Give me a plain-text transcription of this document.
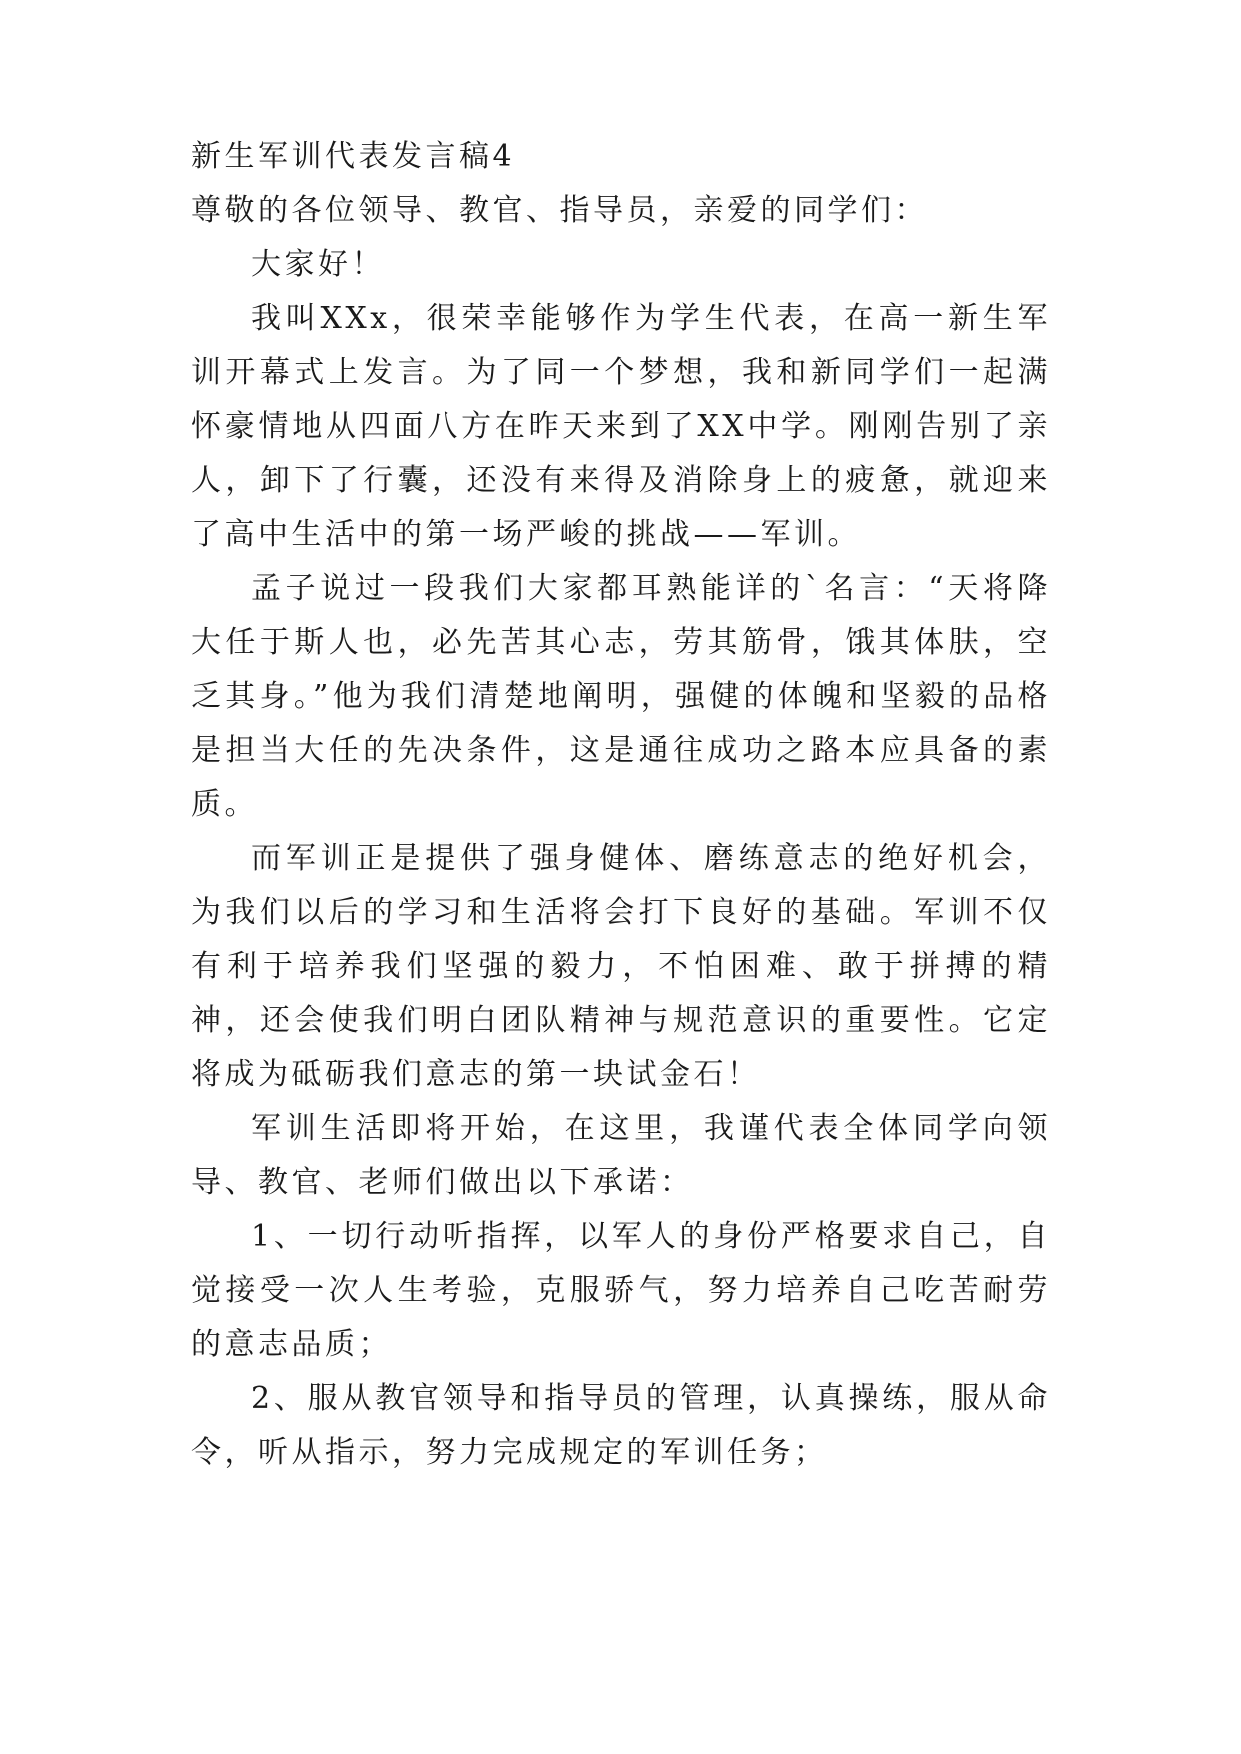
新生军训代表发言稿4
尊敬的各位领导、教官、指导员，亲爱的同学们：

大家好！

我叫XXx，很荣幸能够作为学生代表，在高一新生军训开幕式上发言。为了同一个梦想，我和新同学们一起满怀豪情地从四面八方在昨天来到了XX中学。刚刚告别了亲人，卸下了行囊，还没有来得及消除身上的疲惫，就迎来了高中生活中的第一场严峻的挑战——军训。

孟子说过一段我们大家都耳熟能详的`名言：“天将降大任于斯人也，必先苦其心志，劳其筋骨，饿其体肤，空乏其身。”他为我们清楚地阐明，强健的体魄和坚毅的品格是担当大任的先决条件，这是通往成功之路本应具备的素质。

而军训正是提供了强身健体、磨练意志的绝好机会，为我们以后的学习和生活将会打下良好的基础。军训不仅有利于培养我们坚强的毅力，不怕困难、敢于拼搏的精神，还会使我们明白团队精神与规范意识的重要性。它定将成为砥砺我们意志的第一块试金石！

军训生活即将开始，在这里，我谨代表全体同学向领导、教官、老师们做出以下承诺：

1、一切行动听指挥，以军人的身份严格要求自己，自觉接受一次人生考验，克服骄气，努力培养自己吃苦耐劳的意志品质；

2、服从教官领导和指导员的管理，认真操练，服从命令，听从指示，努力完成规定的军训任务；
